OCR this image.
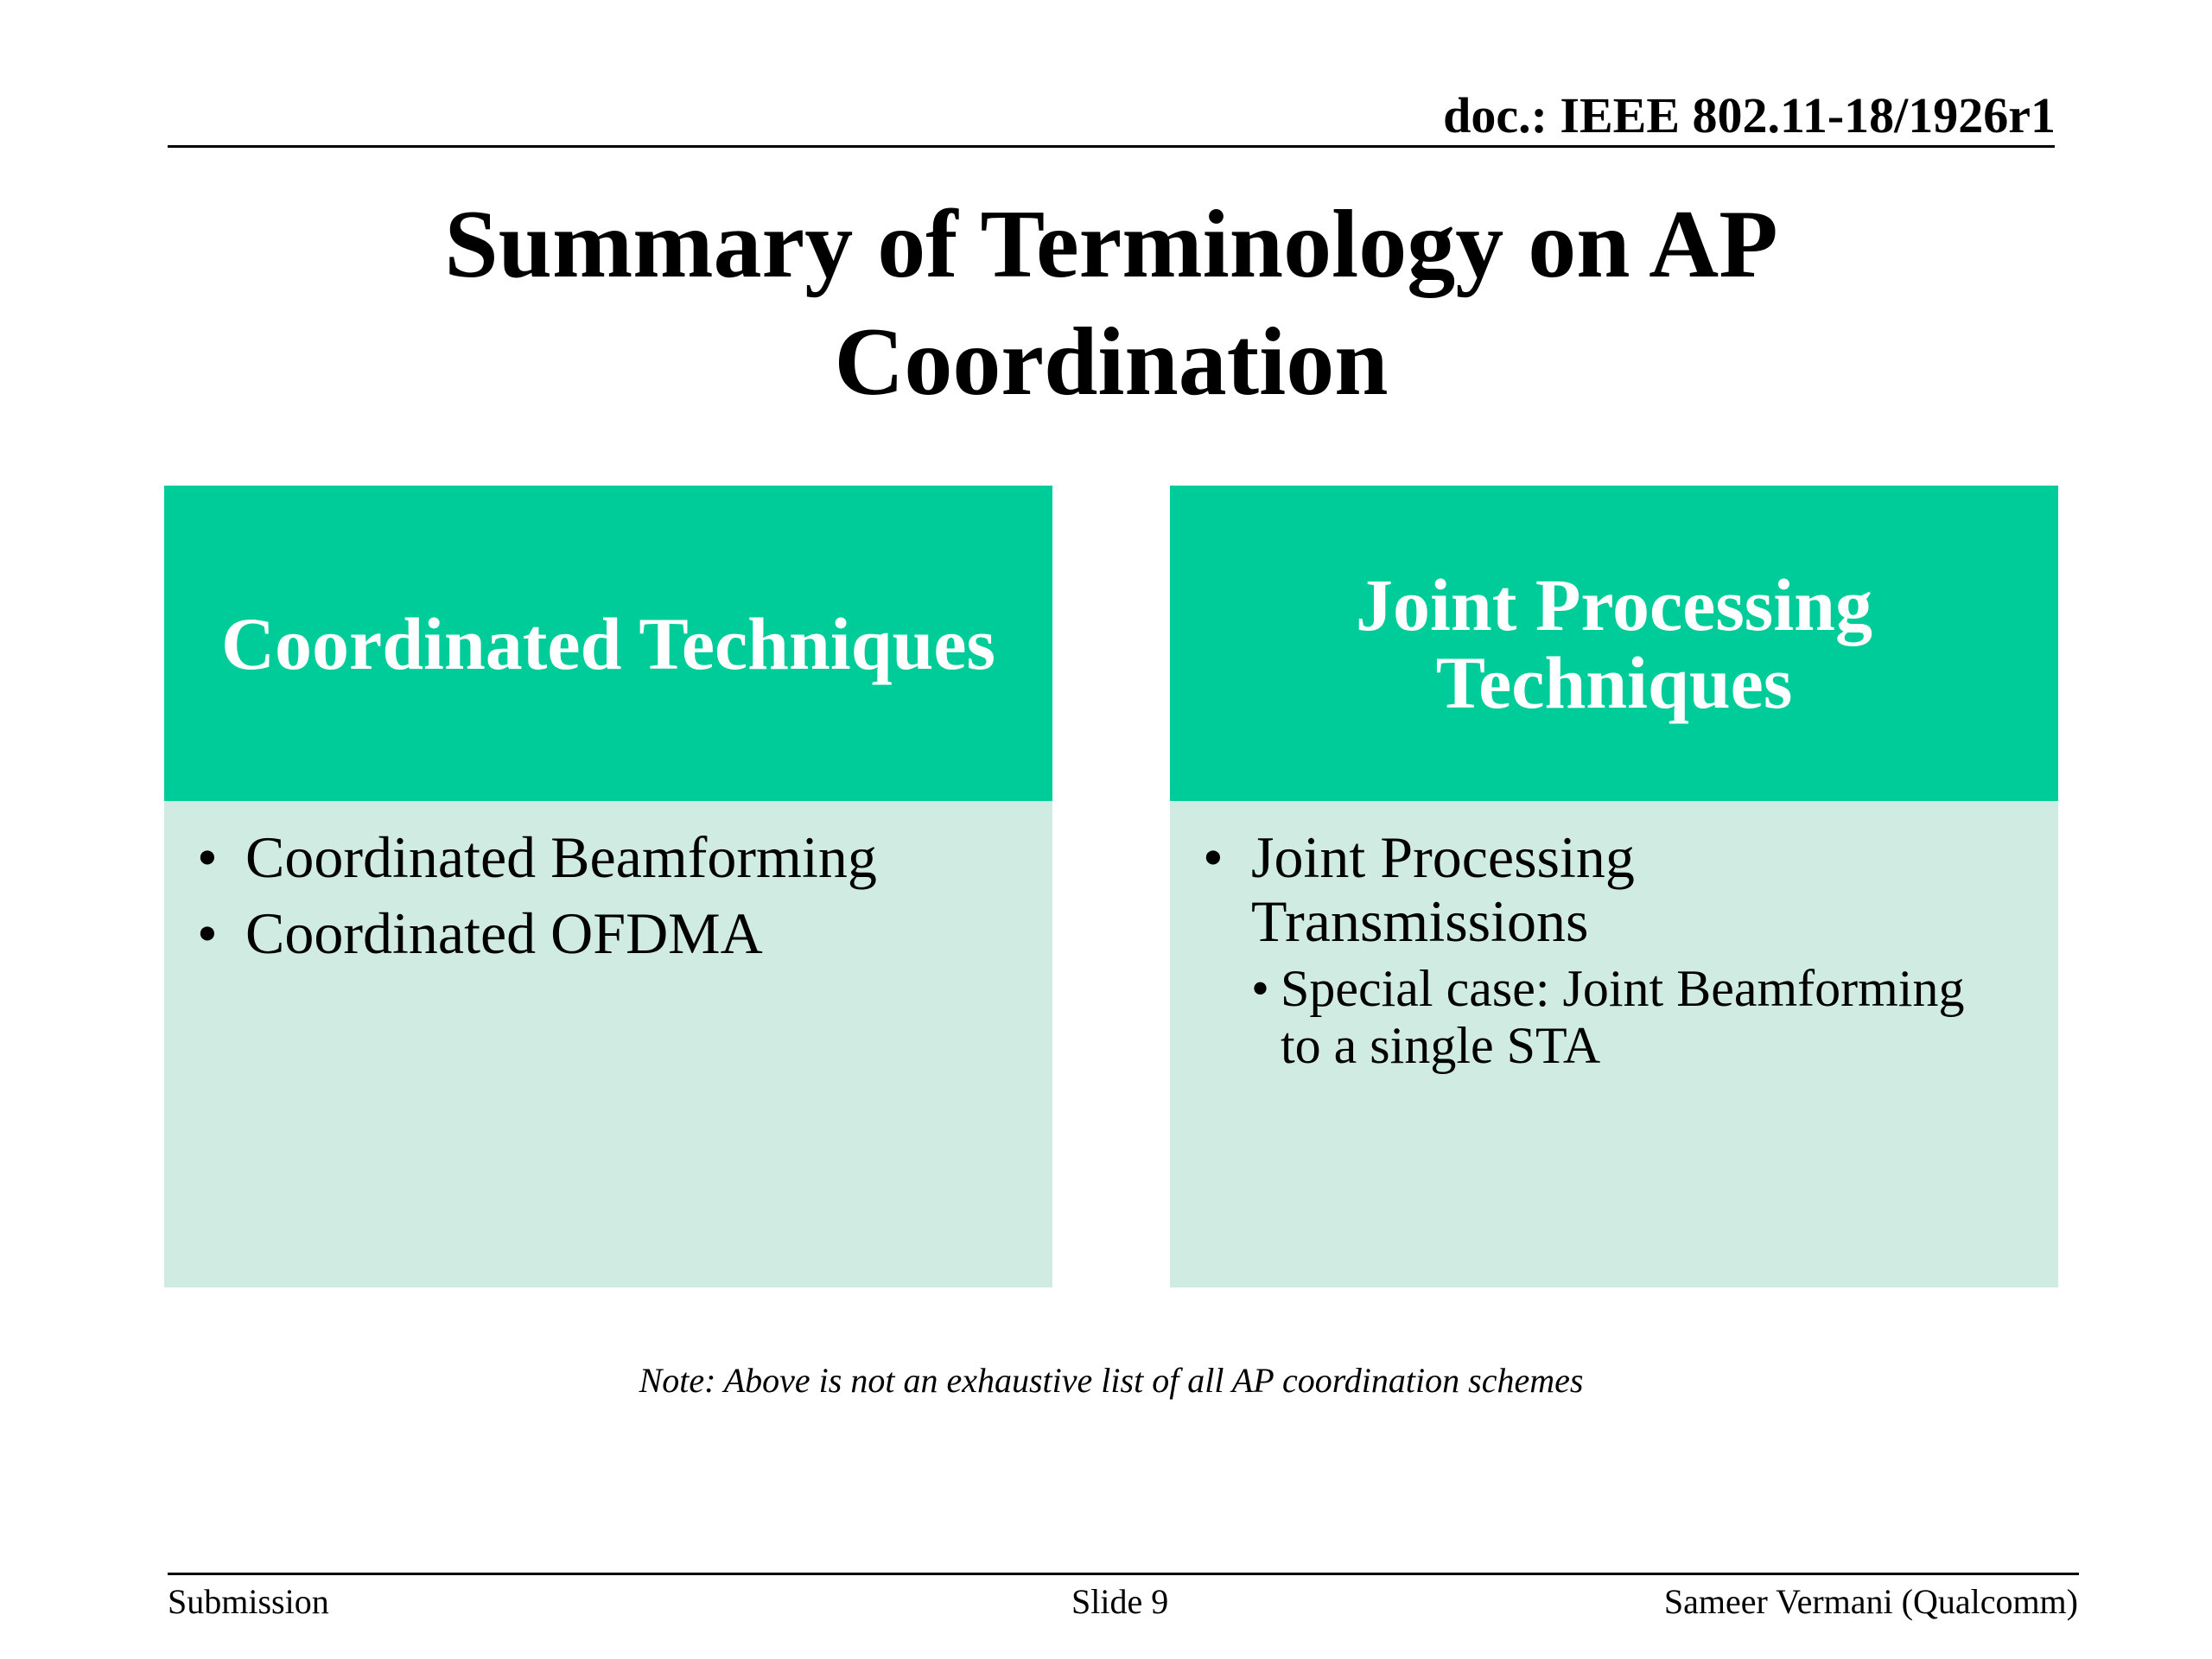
doc.: IEEE 802.11-18/1926r1
Summary of Terminology on AP
Coordination
Coordinated Techniques
• Coordinated Beamforming
• Coordinated OFDMA
Joint Processing
Techniques
• Joint Processing
Transmissions
• Special case: Joint Beamforming
to a single STA
Note: Above is not an exhaustive list of all AP coordination schemes
Submission	Slide 9	Sameer Vermani (Qualcomm)
